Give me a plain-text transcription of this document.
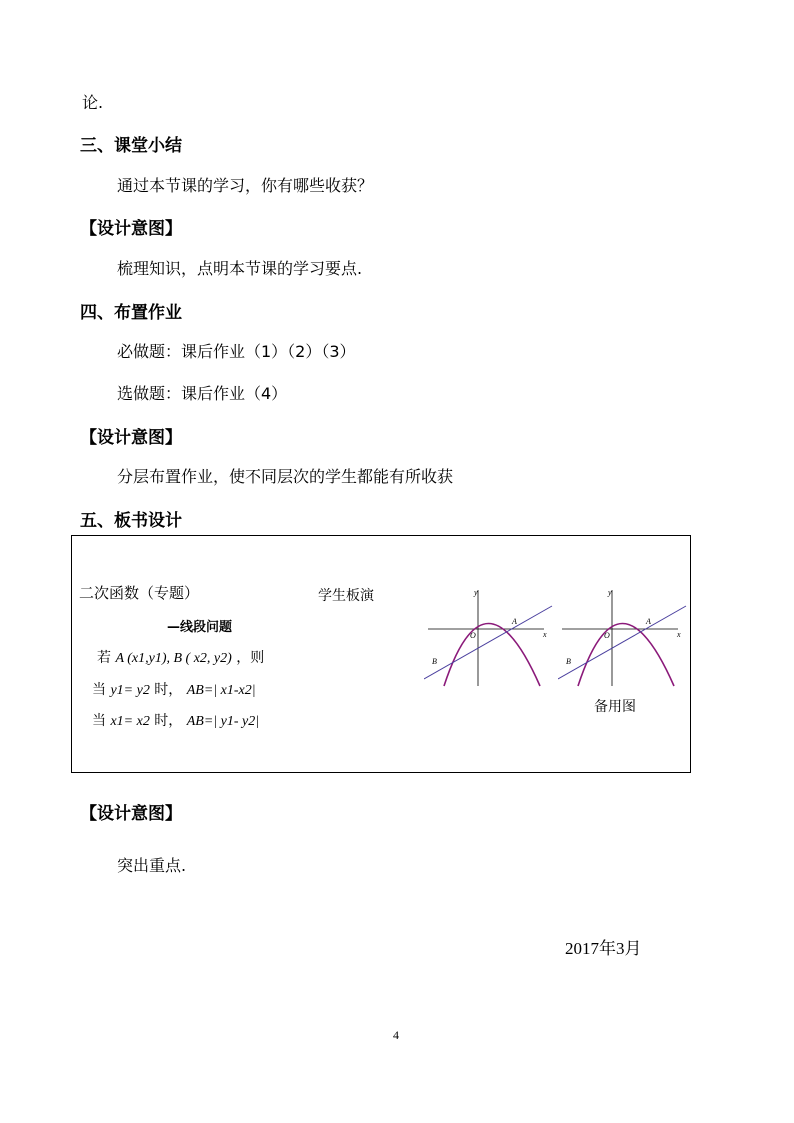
论.
三、课堂小结
通过本节课的学习，你有哪些收获？
【设计意图】
梳理知识，点明本节课的学习要点.
四、布置作业
必做题：课后作业（1）（2）（3）
选做题：课后作业（4）
【设计意图】
分层布置作业，使不同层次的学生都能有所收获
五、板书设计
二次函数（专题）
—线段问题
学生板演
若 A (x1,y1), B ( x2, y2) ，则
当 y1= y2 时， AB=| x1-x2|
当 x1= x2 时， AB=| y1- y2|
y
x
O
A
B
y
x
O
A
B
备用图
【设计意图】
突出重点.
2017年3月
4
